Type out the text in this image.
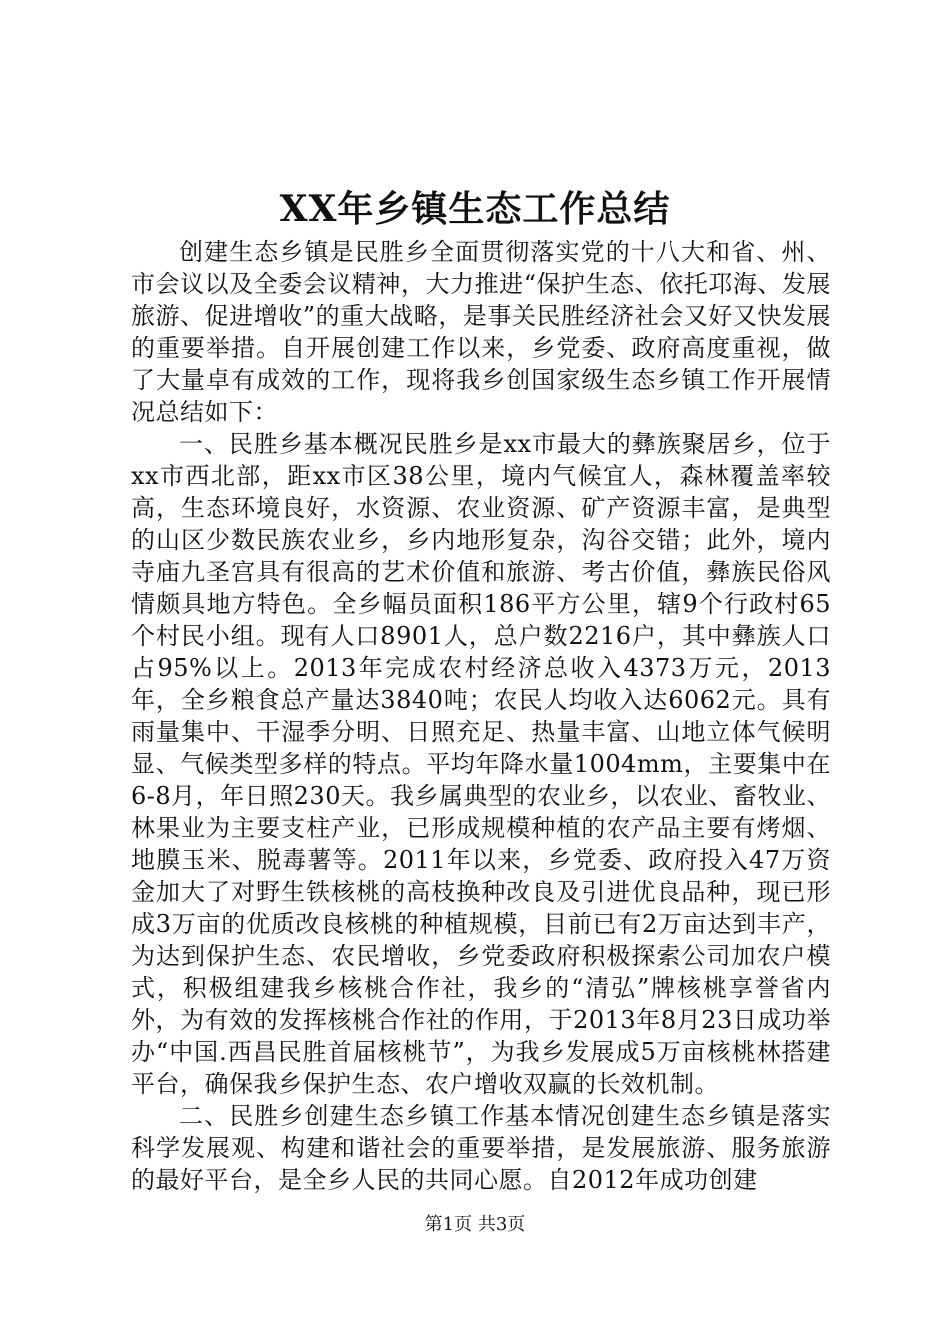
XX年乡镇生态工作总结

创建生态乡镇是民胜乡全面贯彻落实党的十八大和省、州、市会议以及全委会议精神，大力推进“保护生态、依托邛海、发展旅游、促进增收”的重大战略，是事关民胜经济社会又好又快发展的重要举措。自开展创建工作以来，乡党委、政府高度重视，做了大量卓有成效的工作，现将我乡创国家级生态乡镇工作开展情况总结如下：

一、民胜乡基本概况民胜乡是xx市最大的彝族聚居乡，位于xx市西北部，距xx市区38公里，境内气候宜人，森林覆盖率较高，生态环境良好，水资源、农业资源、矿产资源丰富，是典型的山区少数民族农业乡，乡内地形复杂，沟谷交错；此外，境内寺庙九圣宫具有很高的艺术价值和旅游、考古价值，彝族民俗风情颇具地方特色。全乡幅员面积186平方公里，辖9个行政村65个村民小组。现有人口8901人，总户数2216户，其中彝族人口占95%以上。2013年完成农村经济总收入4373万元，2013年，全乡粮食总产量达3840吨；农民人均收入达6062元。具有雨量集中、干湿季分明、日照充足、热量丰富、山地立体气候明显、气候类型多样的特点。平均年降水量1004mm，主要集中在6-8月，年日照230天。我乡属典型的农业乡，以农业、畜牧业、林果业为主要支柱产业，已形成规模种植的农产品主要有烤烟、地膜玉米、脱毒薯等。2011年以来，乡党委、政府投入47万资金加大了对野生铁核桃的高枝换种改良及引进优良品种，现已形成3万亩的优质改良核桃的种植规模，目前已有2万亩达到丰产，为达到保护生态、农民增收，乡党委政府积极探索公司加农户模式，积极组建我乡核桃合作社，我乡的“清弘”牌核桃享誉省内外，为有效的发挥核桃合作社的作用，于2013年8月23日成功举办“中国.西昌民胜首届核桃节”，为我乡发展成5万亩核桃林搭建平台，确保我乡保护生态、农户增收双赢的长效机制。

二、民胜乡创建生态乡镇工作基本情况创建生态乡镇是落实科学发展观、构建和谐社会的重要举措，是发展旅游、服务旅游的最好平台，是全乡人民的共同心愿。自2012年成功创建

第1页 共3页
